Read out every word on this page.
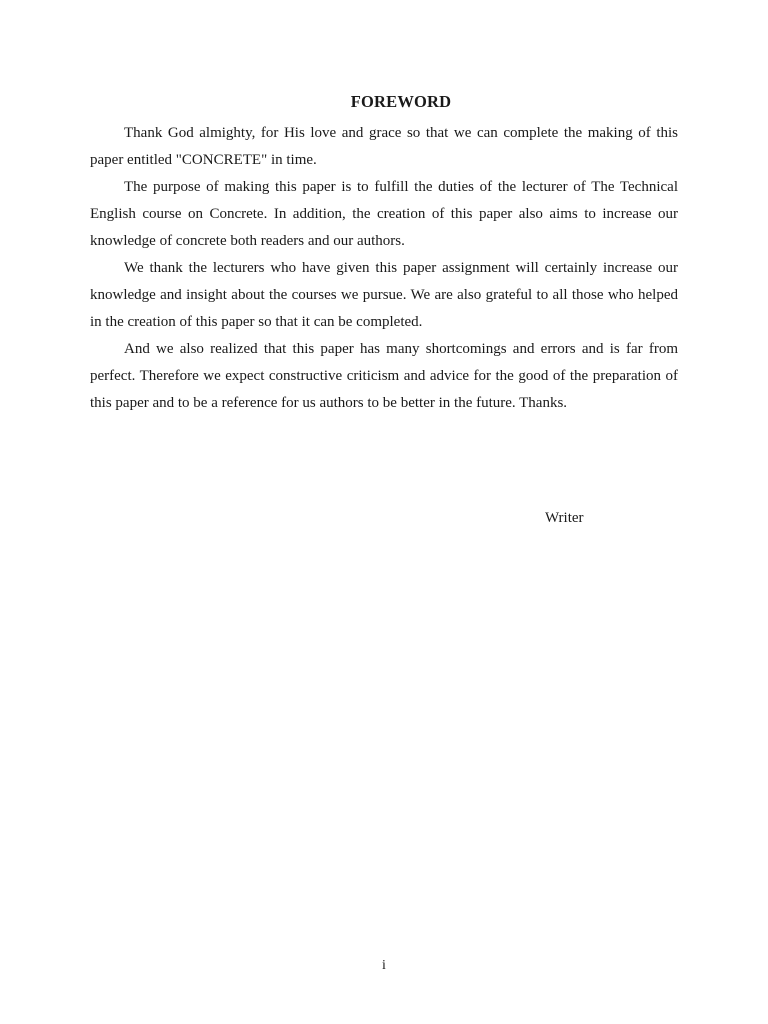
FOREWORD

Thank God almighty, for His love and grace so that we can complete the making of this paper entitled "CONCRETE" in time.

The purpose of making this paper is to fulfill the duties of the lecturer of The Technical English course on Concrete. In addition, the creation of this paper also aims to increase our knowledge of concrete both readers and our authors.

We thank the lecturers who have given this paper assignment will certainly increase our knowledge and insight about the courses we pursue. We are also grateful to all those who helped in the creation of this paper so that it can be completed.

And we also realized that this paper has many shortcomings and errors and is far from perfect. Therefore we expect constructive criticism and advice for the good of the preparation of this paper and to be a reference for us authors to be better in the future. Thanks.

Writer

i
